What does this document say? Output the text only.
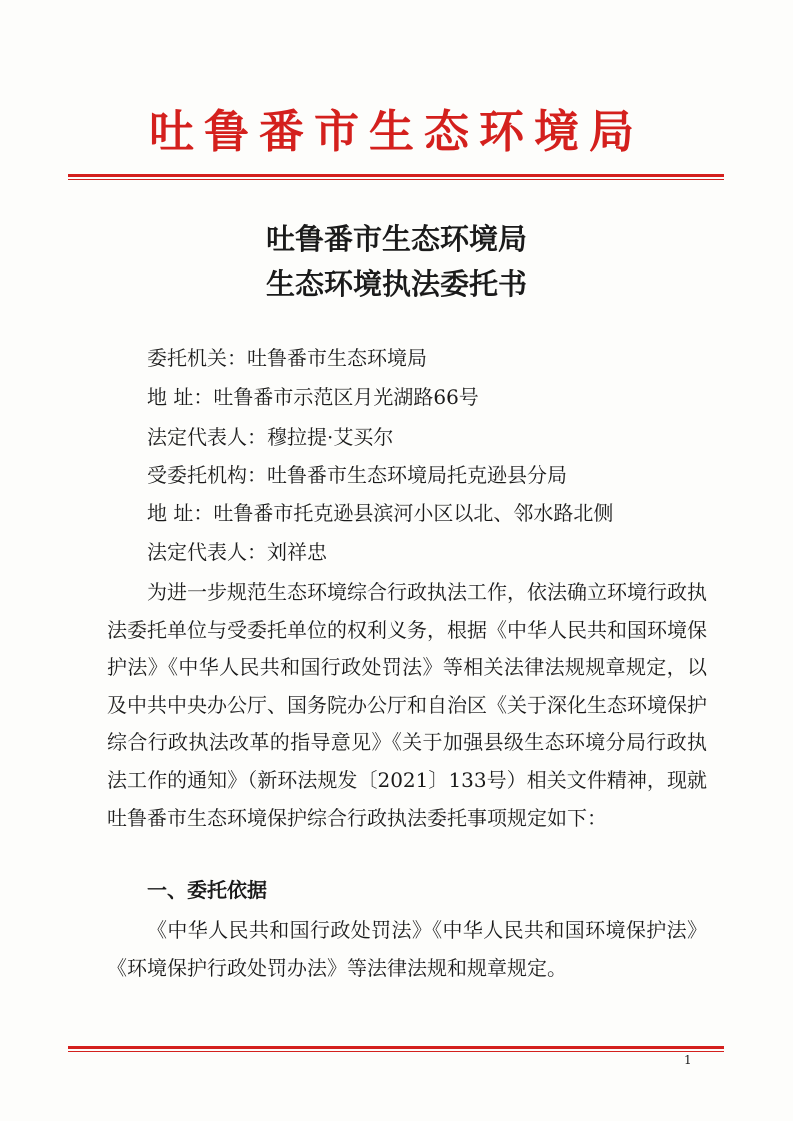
吐鲁番市生态环境局
吐鲁番市生态环境局
生态环境执法委托书
委托机关：吐鲁番市生态环境局
地 址：吐鲁番市示范区月光湖路66号
法定代表人：穆拉提·艾买尔
受委托机构：吐鲁番市生态环境局托克逊县分局
地 址：吐鲁番市托克逊县滨河小区以北、邻水路北侧
法定代表人：刘祥忠
为进一步规范生态环境综合行政执法工作，依法确立环境行政执法委托单位与受委托单位的权利义务，根据《中华人民共和国环境保护法》《中华人民共和国行政处罚法》等相关法律法规规章规定，以及中共中央办公厅、国务院办公厅和自治区《关于深化生态环境保护综合行政执法改革的指导意见》《关于加强县级生态环境分局行政执法工作的通知》（新环法规发〔2021〕133号）相关文件精神，现就吐鲁番市生态环境保护综合行政执法委托事项规定如下：
一、委托依据
《中华人民共和国行政处罚法》《中华人民共和国环境保护法》《环境保护行政处罚办法》等法律法规和规章规定。
1
